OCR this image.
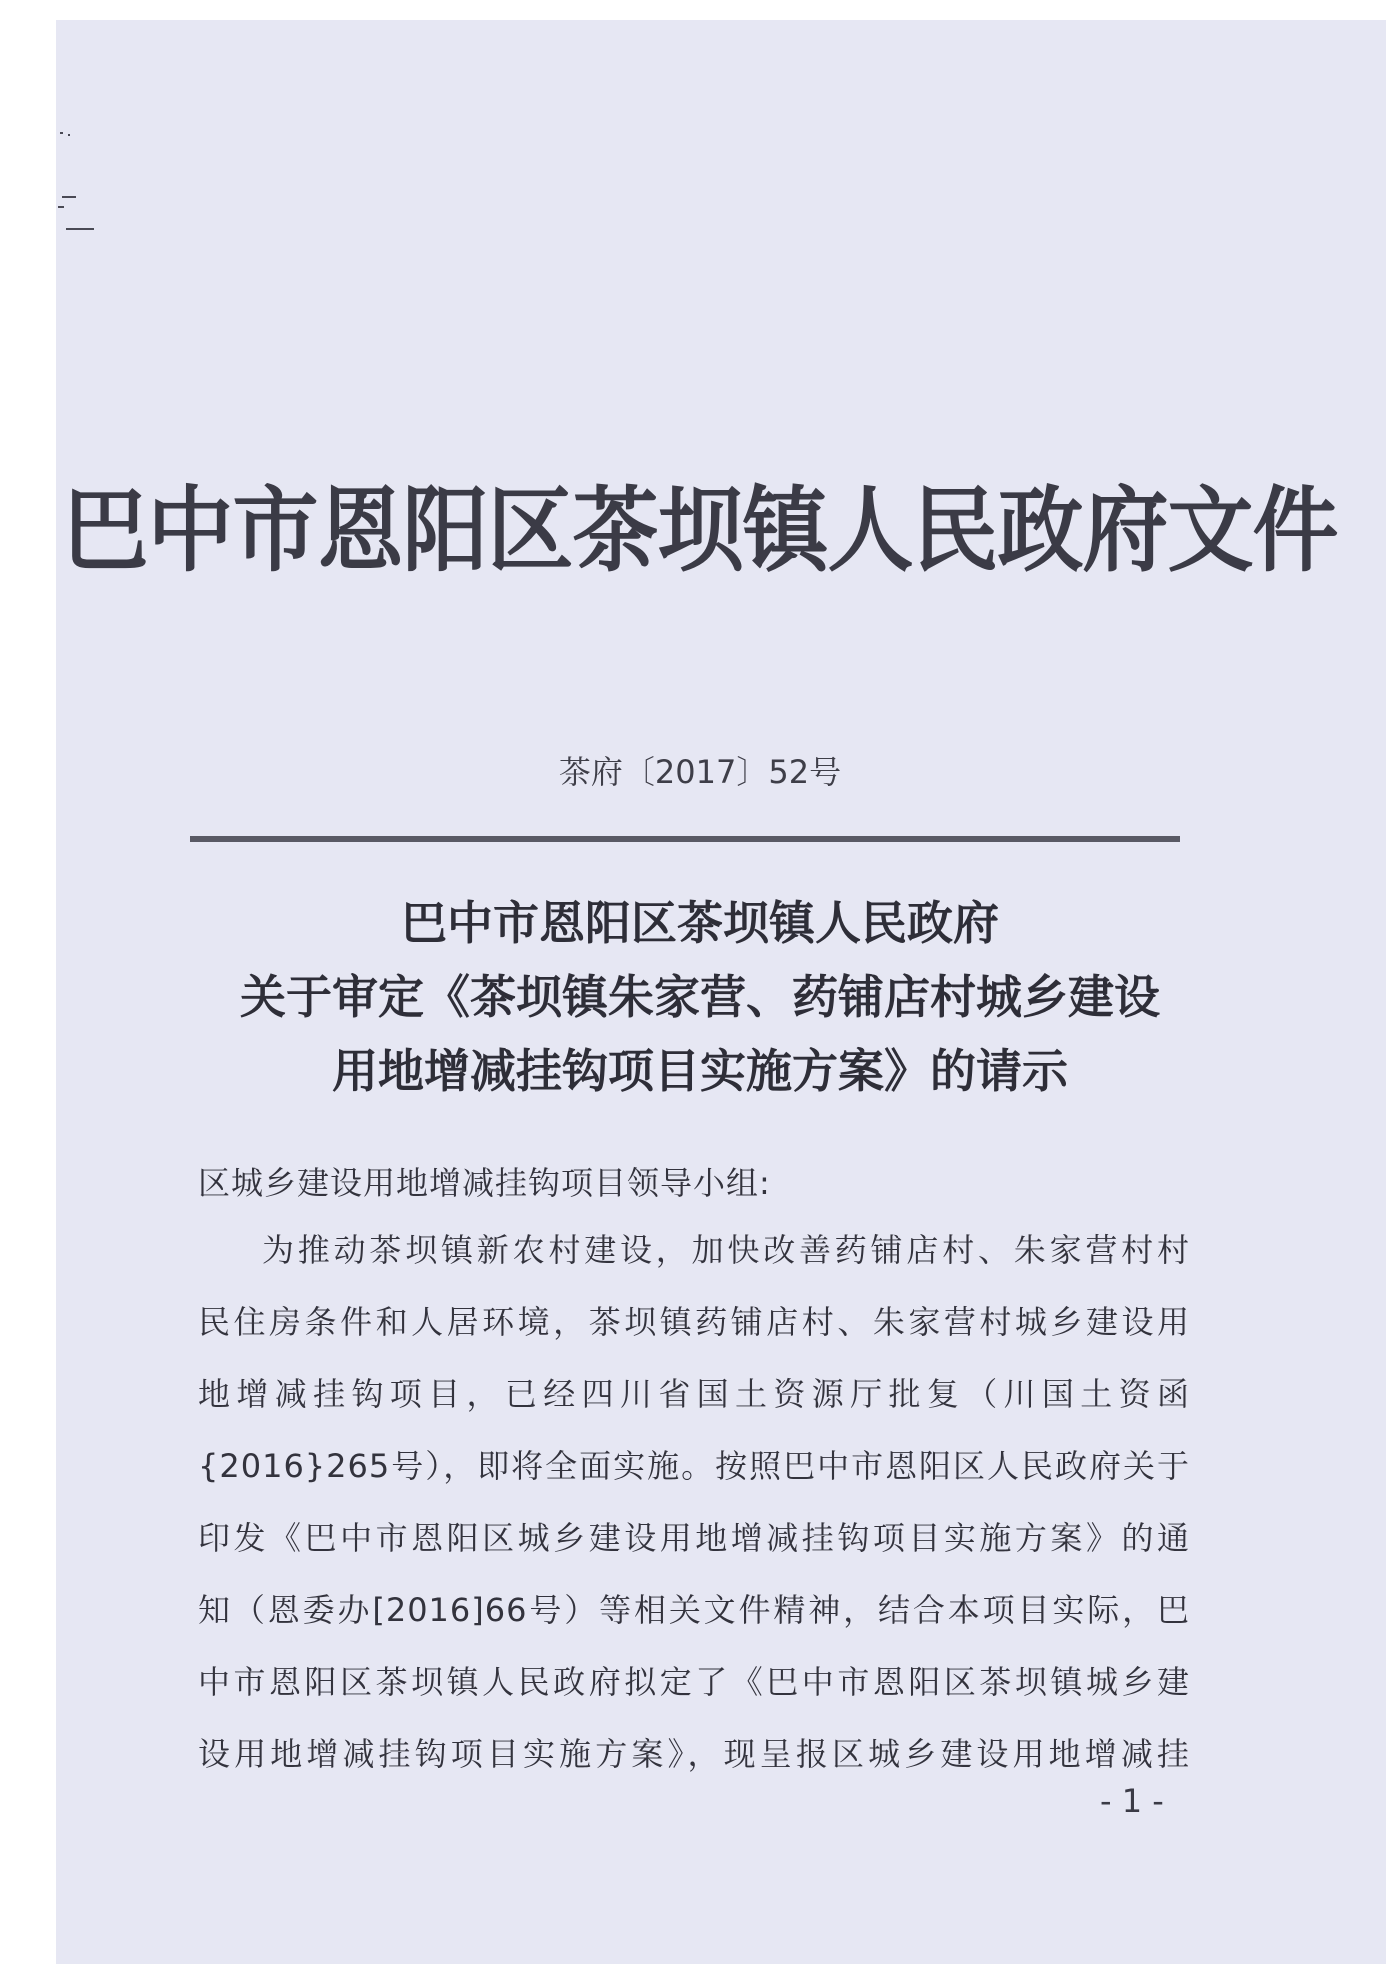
巴中市恩阳区茶坝镇人民政府文件
茶府〔2017〕52号
巴中市恩阳区茶坝镇人民政府
关于审定《茶坝镇朱家营、药铺店村城乡建设
用地增减挂钩项目实施方案》的请示
区城乡建设用地增减挂钩项目领导小组:
为推动茶坝镇新农村建设，加快改善药铺店村、朱家营村村
民住房条件和人居环境，茶坝镇药铺店村、朱家营村城乡建设用
地增减挂钩项目，已经四川省国土资源厅批复（川国土资函
{2016}265号），即将全面实施。按照巴中市恩阳区人民政府关于
印发《巴中市恩阳区城乡建设用地增减挂钩项目实施方案》的通
知（恩委办[2016]66号）等相关文件精神，结合本项目实际，巴
中市恩阳区茶坝镇人民政府拟定了《巴中市恩阳区茶坝镇城乡建
设用地增减挂钩项目实施方案》，现呈报区城乡建设用地增减挂
- 1 -
